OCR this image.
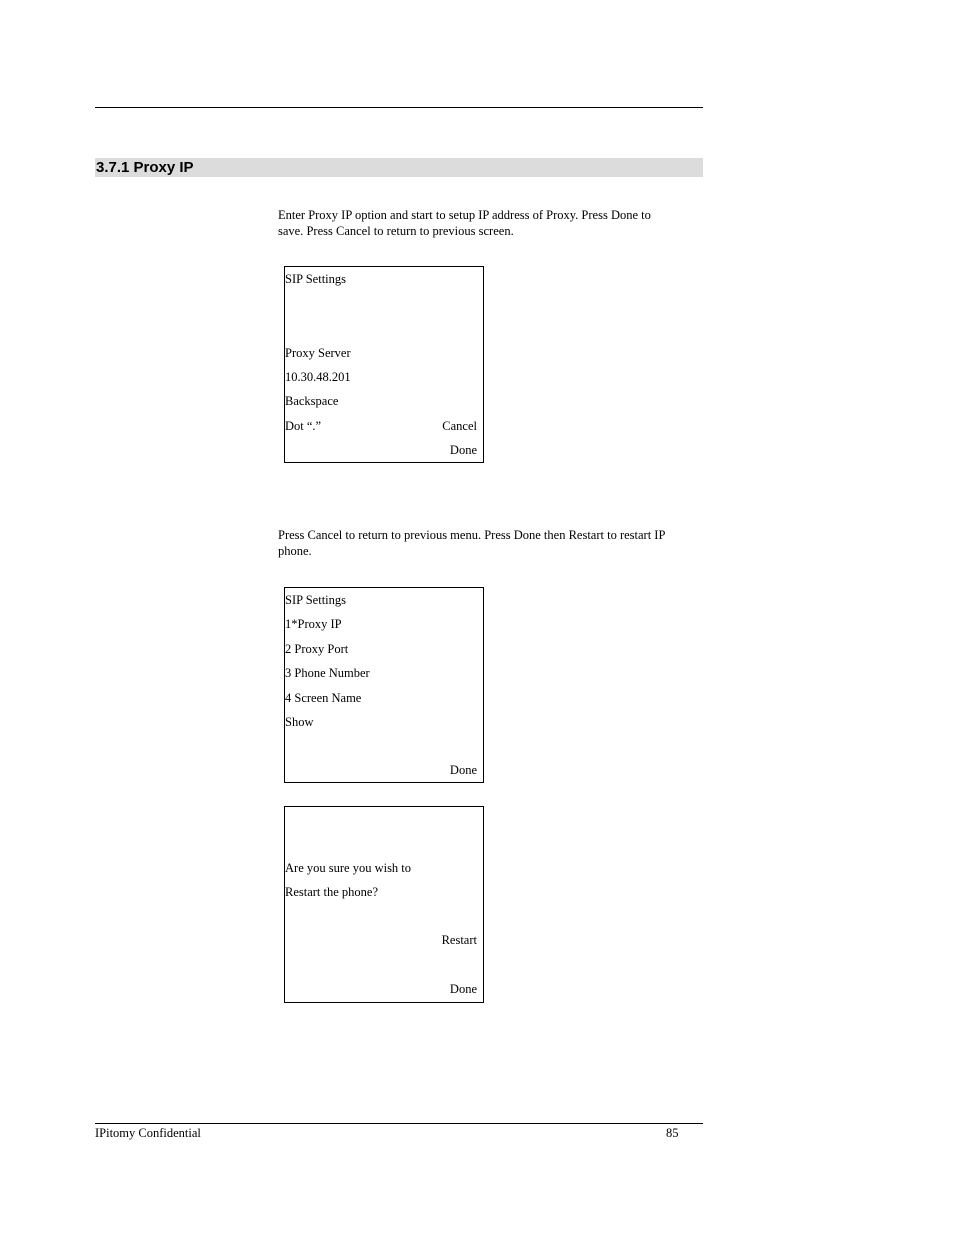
3.7.1 Proxy IP
Enter Proxy IP option and start to setup IP address of Proxy. Press Done to save. Press Cancel to return to previous screen.
SIP Settings
Proxy Server
10.30.48.201
Backspace
Dot “.”	Cancel
Done
Press Cancel to return to previous menu. Press Done then Restart to restart IP phone.
SIP Settings
1*Proxy IP
2 Proxy Port
3 Phone Number
4 Screen Name
Show
Done
Are you sure you wish to
Restart the phone?
Restart
Done
IPitomy Confidential	85
